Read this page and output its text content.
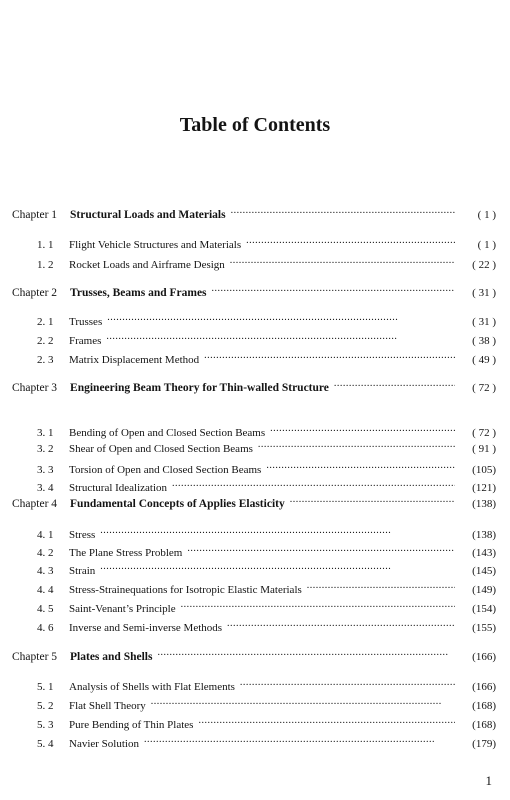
Table of Contents
Chapter 1 Structural Loads and Materials . . .	( 1 )
1. 1	Flight Vehicle Structures and Materials . . .	( 1 )
1. 2	Rocket Loads and Airframe Design . . .	( 22 )
Chapter 2 Trusses, Beams and Frames . . .	( 31 )
2. 1	Trusses . . .	( 31 )
2. 2	Frames . . .	( 38 )
2. 3	Matrix Displacement Method . . .	( 49 )
Chapter 3 Engineering Beam Theory for Thin-walled Structure . . .	( 72 )
3. 1	Bending of Open and Closed Section Beams . . .	( 72 )
3. 2	Shear of Open and Closed Section Beams . . .	( 91 )
3. 3	Torsion of Open and Closed Section Beams . . .	(105)
3. 4	Structural Idealization . . .	(121)
Chapter 4 Fundamental Concepts of Applies Elasticity . . .	(138)
4. 1	Stress . . .	(138)
4. 2	The Plane Stress Problem . . .	(143)
4. 3	Strain . . .	(145)
4. 4	Stress-Strainequations for Isotropic Elastic Materials . . .	(149)
4. 5	Saint-Venant’s Principle . . .	(154)
4. 6	Inverse and Semi-inverse Methods . . .	(155)
Chapter 5 Plates and Shells . . .	(166)
5. 1	Analysis of Shells with Flat Elements . . .	(166)
5. 2	Flat Shell Theory . . .	(168)
5. 3	Pure Bending of Thin Plates . . .	(168)
5. 4	Navier Solution . . .	(179)
1
